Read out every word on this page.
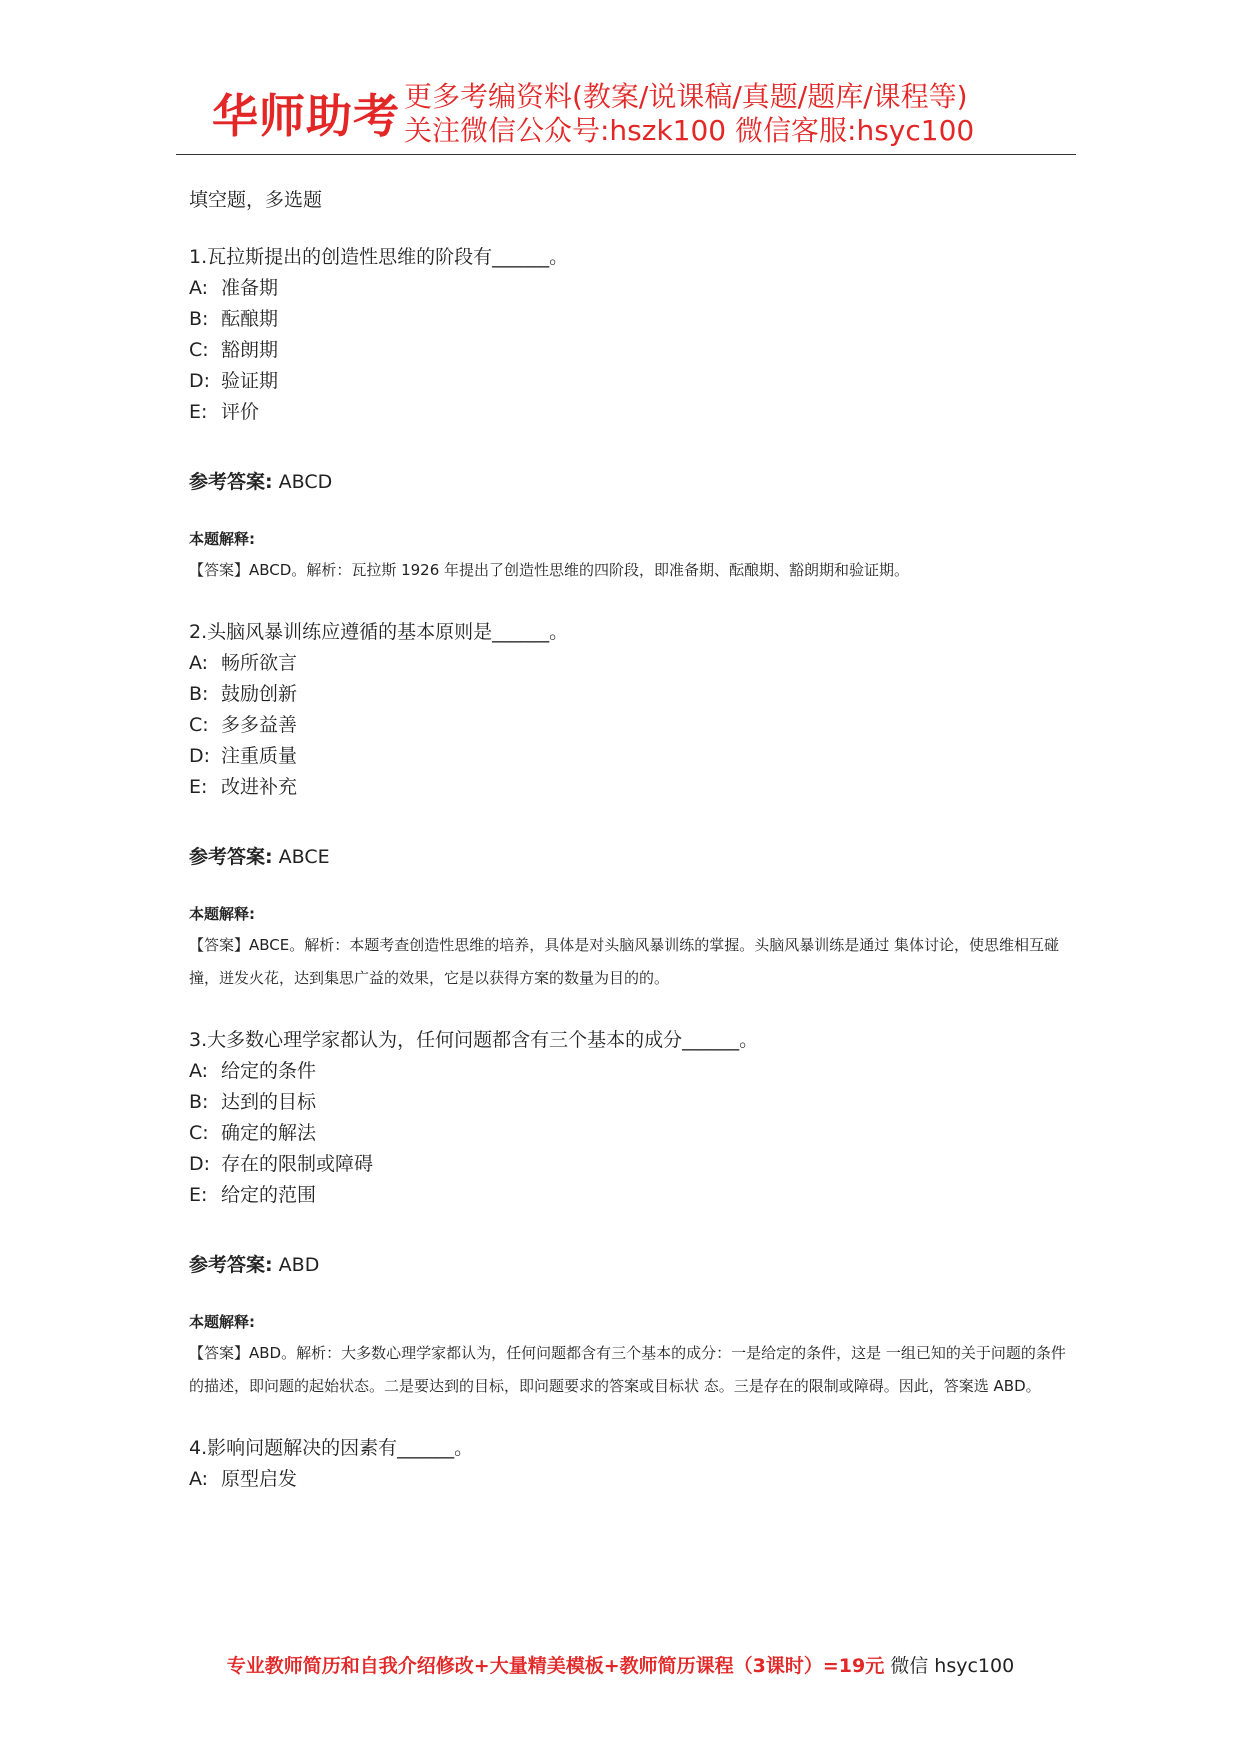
华师助考 更多考编资料(教案/说课稿/真题/题库/课程等)
关注微信公众号:hszk100 微信客服:hsyc100
填空题，多选题
1.瓦拉斯提出的创造性思维的阶段有______。
A: 准备期
B: 酝酿期
C: 豁朗期
D: 验证期
E: 评价
参考答案: ABCD
本题解释:
【答案】ABCD。解析：瓦拉斯 1926 年提出了创造性思维的四阶段，即准备期、酝酿期、豁朗期和验证期。
2.头脑风暴训练应遵循的基本原则是______。
A: 畅所欲言
B: 鼓励创新
C: 多多益善
D: 注重质量
E: 改进补充
参考答案: ABCE
本题解释:
【答案】ABCE。解析：本题考查创造性思维的培养，具体是对头脑风暴训练的掌握。头脑风暴训练是通过 集体讨论，使思维相互碰撞，迸发火花，达到集思广益的效果，它是以获得方案的数量为目的的。
3.大多数心理学家都认为，任何问题都含有三个基本的成分______。
A: 给定的条件
B: 达到的目标
C: 确定的解法
D: 存在的限制或障碍
E: 给定的范围
参考答案: ABD
本题解释:
【答案】ABD。解析：大多数心理学家都认为，任何问题都含有三个基本的成分：一是给定的条件，这是 一组已知的关于问题的条件的描述，即问题的起始状态。二是要达到的目标，即问题要求的答案或目标状 态。三是存在的限制或障碍。因此，答案选 ABD。
4.影响问题解决的因素有______。
A: 原型启发
专业教师简历和自我介绍修改+大量精美模板+教师简历课程（3课时）=19元 微信 hsyc100
